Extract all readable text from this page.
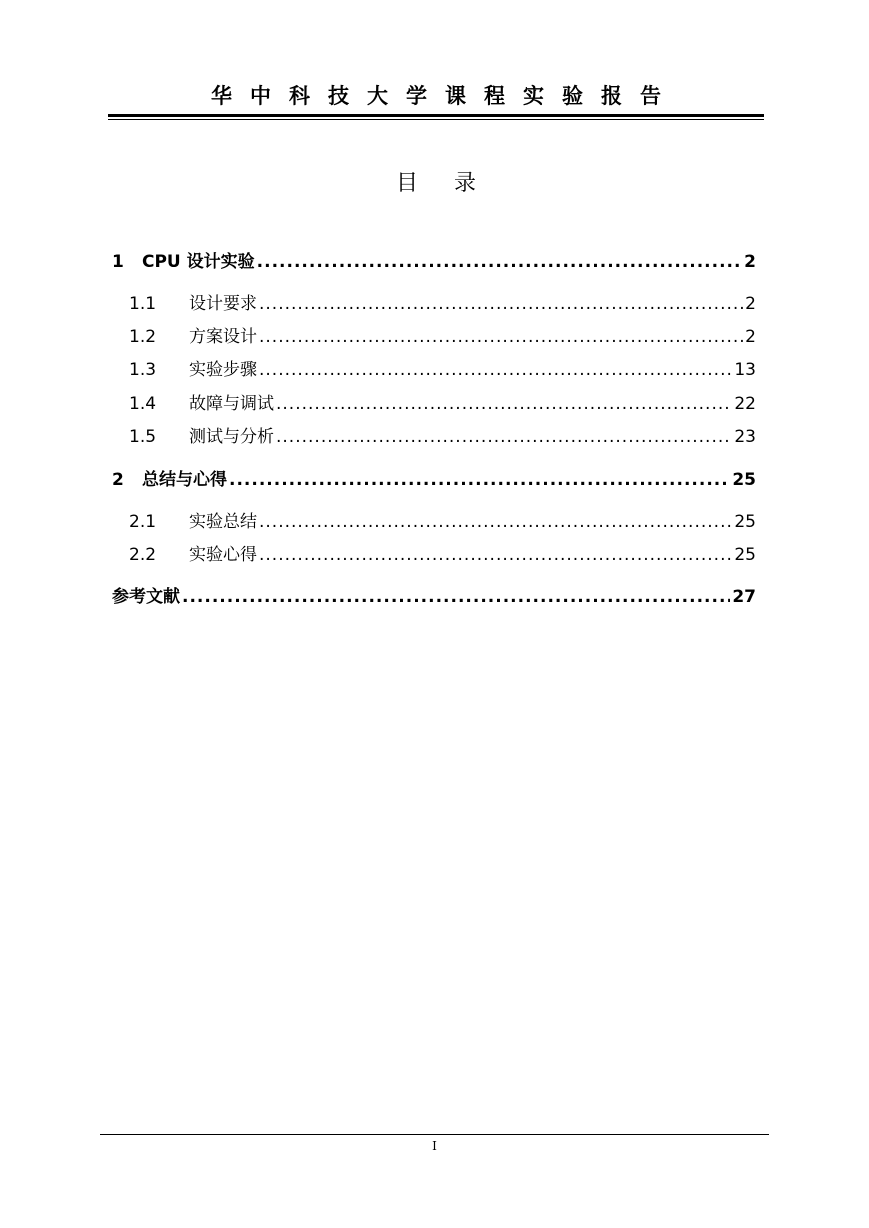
华中科技大学课程实验报告
目录
1	CPU 设计实验 .....	2
1.1	设计要求 .....	2
1.2	方案设计 .....	2
1.3	实验步骤 .....	13
1.4	故障与调试 .....	22
1.5	测试与分析 .....	23
2	总结与心得 .....	25
2.1	实验总结 .....	25
2.2	实验心得 .....	25
参考文献 .....	27
I
